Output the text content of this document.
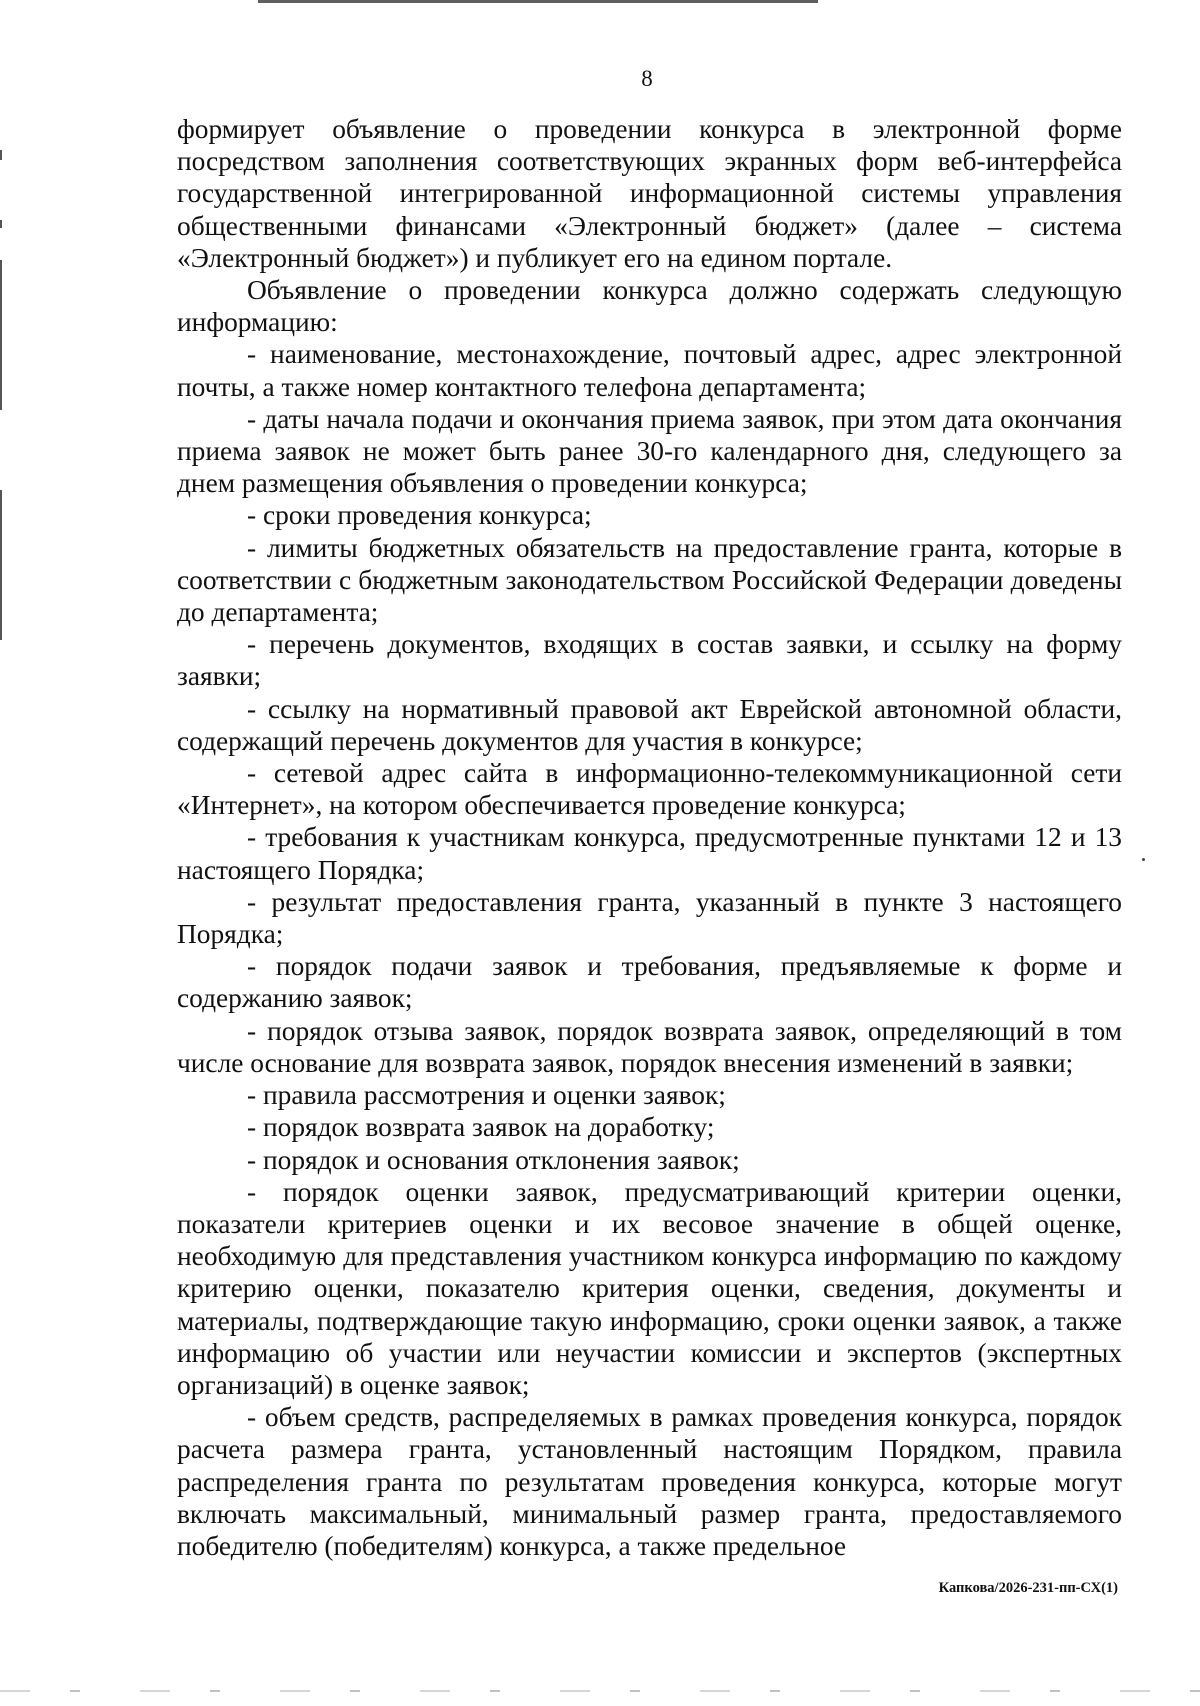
8

формирует объявление о проведении конкурса в электронной форме посредством заполнения соответствующих экранных форм веб-интерфейса государственной интегрированной информационной системы управления общественными финансами «Электронный бюджет» (далее – система «Электронный бюджет») и публикует его на едином портале.

Объявление о проведении конкурса должно содержать следующую информацию:

- наименование, местонахождение, почтовый адрес, адрес электронной почты, а также номер контактного телефона департамента;

- даты начала подачи и окончания приема заявок, при этом дата окончания приема заявок не может быть ранее 30-го календарного дня, следующего за днем размещения объявления о проведении конкурса;

- сроки проведения конкурса;

- лимиты бюджетных обязательств на предоставление гранта, которые в соответствии с бюджетным законодательством Российской Федерации доведены до департамента;

- перечень документов, входящих в состав заявки, и ссылку на форму заявки;

- ссылку на нормативный правовой акт Еврейской автономной области, содержащий перечень документов для участия в конкурсе;

- сетевой адрес сайта в информационно-телекоммуникационной сети «Интернет», на котором обеспечивается проведение конкурса;

- требования к участникам конкурса, предусмотренные пунктами 12 и 13 настоящего Порядка;

- результат предоставления гранта, указанный в пункте 3 настоящего Порядка;

- порядок подачи заявок и требования, предъявляемые к форме и содержанию заявок;

- порядок отзыва заявок, порядок возврата заявок, определяющий в том числе основание для возврата заявок, порядок внесения изменений в заявки;

- правила рассмотрения и оценки заявок;

- порядок возврата заявок на доработку;

- порядок и основания отклонения заявок;

- порядок оценки заявок, предусматривающий критерии оценки, показатели критериев оценки и их весовое значение в общей оценке, необходимую для представления участником конкурса информацию по каждому критерию оценки, показателю критерия оценки, сведения, документы и материалы, подтверждающие такую информацию, сроки оценки заявок, а также информацию об участии или неучастии комиссии и экспертов (экспертных организаций) в оценке заявок;

- объем средств, распределяемых в рамках проведения конкурса, порядок расчета размера гранта, установленный настоящим Порядком, правила распределения гранта по результатам проведения конкурса, которые могут включать максимальный, минимальный размер гранта, предоставляемого победителю (победителям) конкурса, а также предельное

Капкова/2026-231-пп-СХ(1)
